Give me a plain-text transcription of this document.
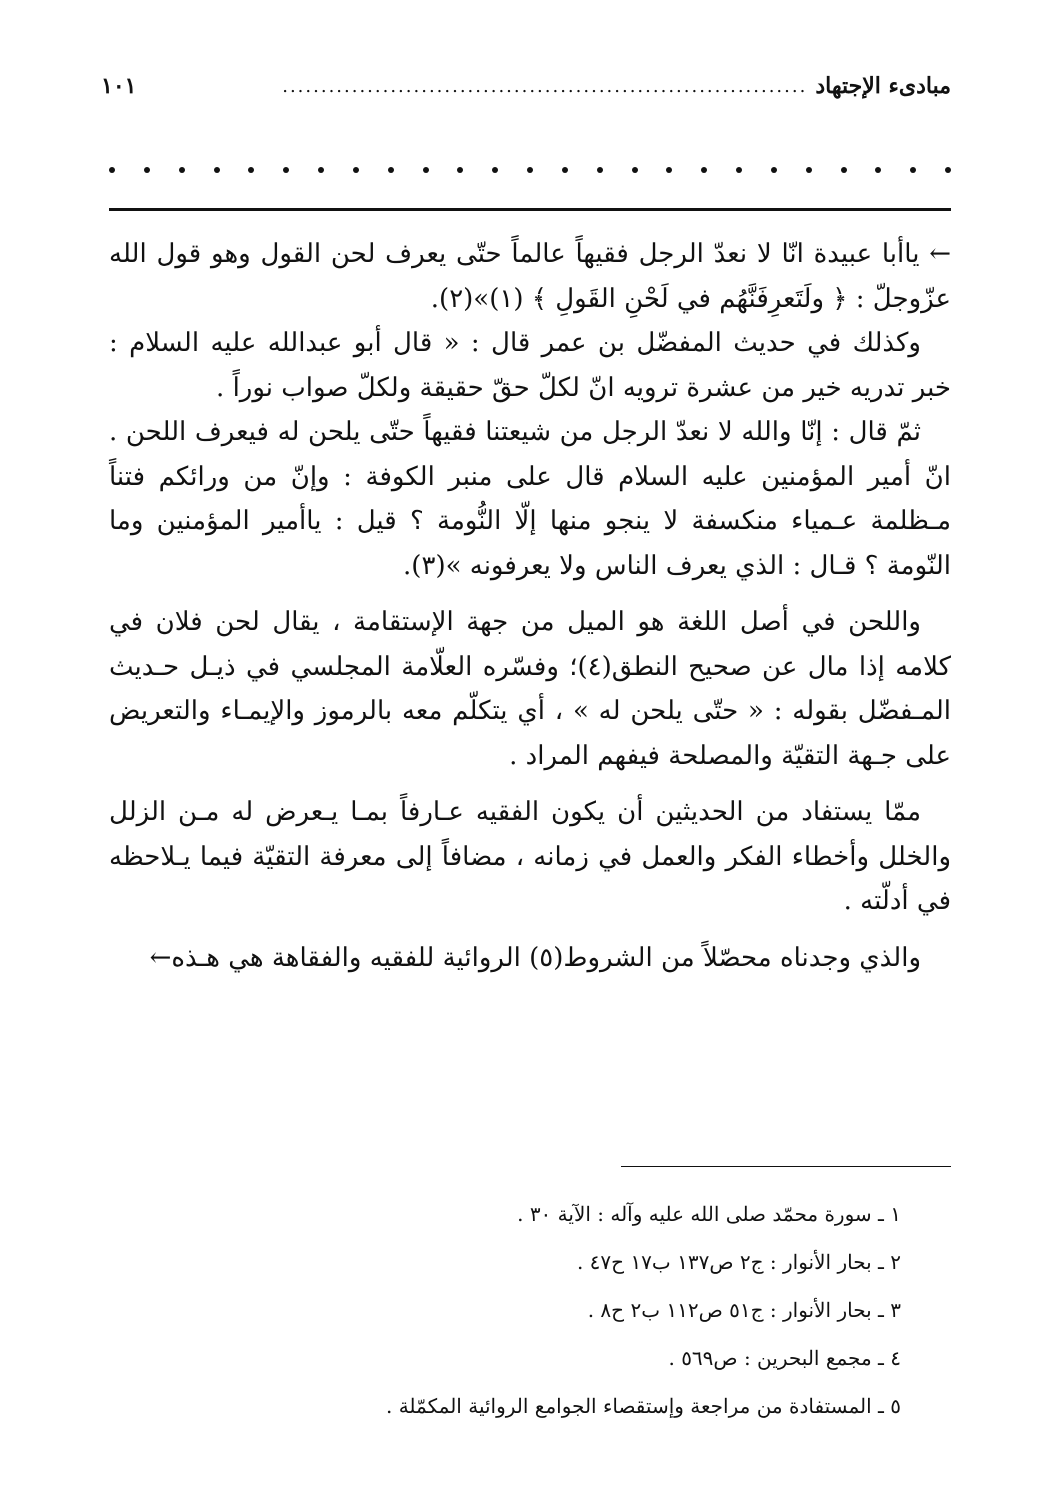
مبادىء الإجتهاد
....................................................................
١٠١

← ياأبا عبيدة انّا لا نعدّ الرجل فقيهاً عالماً حتّى يعرف لحن القول وهو قول الله عزّوجلّ : ﴿ ولَتَعرِفَنَّهُم في لَحْنِ القَولِ ﴾ (١)»(٢).

وكذلك في حديث المفضّل بن عمر قال : « قال أبو عبدالله عليه السلام : خبر تدريه خير من عشرة ترويه انّ لكلّ حقّ حقيقة ولكلّ صواب نوراً .

ثمّ قال : إنّا والله لا نعدّ الرجل من شيعتنا فقيهاً حتّى يلحن له فيعرف اللحن . انّ أمير المؤمنين عليه السلام قال على منبر الكوفة : وإنّ من ورائكم فتناً مـظلمة عـمياء منكسفة لا ينجو منها إلّا النُّومة ؟ قيل : ياأمير المؤمنين وما النّومة ؟ قـال : الذي يعرف الناس ولا يعرفونه »(٣).

واللحن في أصل اللغة هو الميل من جهة الإستقامة ، يقال لحن فلان في كلامه إذا مال عن صحيح النطق(٤)؛ وفسّره العلّامة المجلسي في ذيـل حـديث المـفضّل بقوله : « حتّى يلحن له » ، أي يتكلّم معه بالرموز والإيمـاء والتعريض على جـهة التقيّة والمصلحة فيفهم المراد .

ممّا يستفاد من الحديثين أن يكون الفقيه عـارفاً بمـا يـعرض له مـن الزلل والخلل وأخطاء الفكر والعمل في زمانه ، مضافاً إلى معرفة التقيّة فيما يـلاحظه في أدلّته .

والذي وجدناه محصّلاً من الشروط(٥) الروائية للفقيه والفقاهة هي هـذه←

١ ـ سورة محمّد صلى الله عليه وآله : الآية ٣٠ .
٢ ـ بحار الأنوار : ج٢ ص١٣٧ ب١٧ ح٤٧ .
٣ ـ بحار الأنوار : ج٥١ ص١١٢ ب٢ ح٨ .
٤ ـ مجمع البحرين : ص٥٦٩ .
٥ ـ المستفادة من مراجعة وإستقصاء الجوامع الروائية المكمّلة .
